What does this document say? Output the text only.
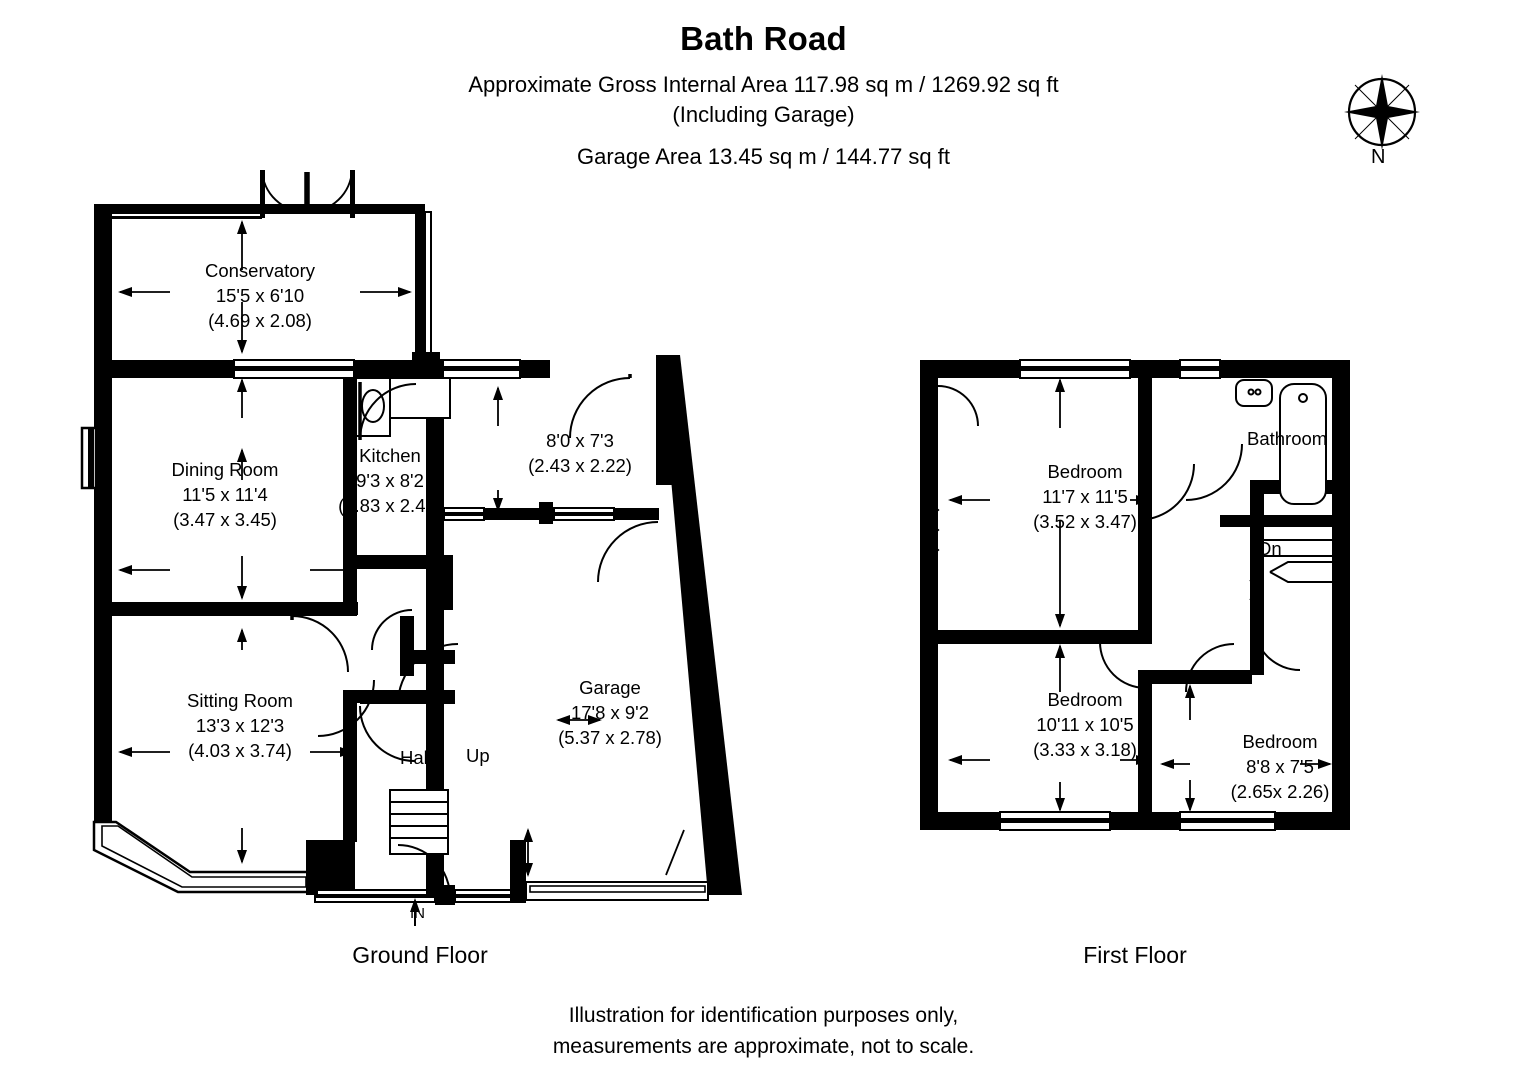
Bath Road
Approximate Gross Internal Area 117.98 sq m / 1269.92 sq ft
(Including Garage)
Garage Area 13.45 sq m / 144.77 sq ft	N
Conservatory
15'5 x 6'10
(4.69 x 2.08)
Dining Room
11'5 x 11'4
(3.47 x 3.45)
Kitchen
9'3 x 8'2
(2.83 x 2.49)
8'0 x 7'3
(2.43 x 2.22)
Sitting Room
13'3 x 12'3
(4.03 x 3.74)
Garage
17'8 x 9'2
(5.37 x 2.78)
Hall Up
IN
Bedroom
11'7 x 11'5
(3.52 x 3.47)
Bedroom
10'11 x 10'5
(3.33 x 3.18)	Bedroom
8'8 x 7'5
(2.65x 2.26)
Bathroom
Dn
Ground Floor	First Floor
Illustration for identification purposes only,
measurements are approximate, not to scale.
